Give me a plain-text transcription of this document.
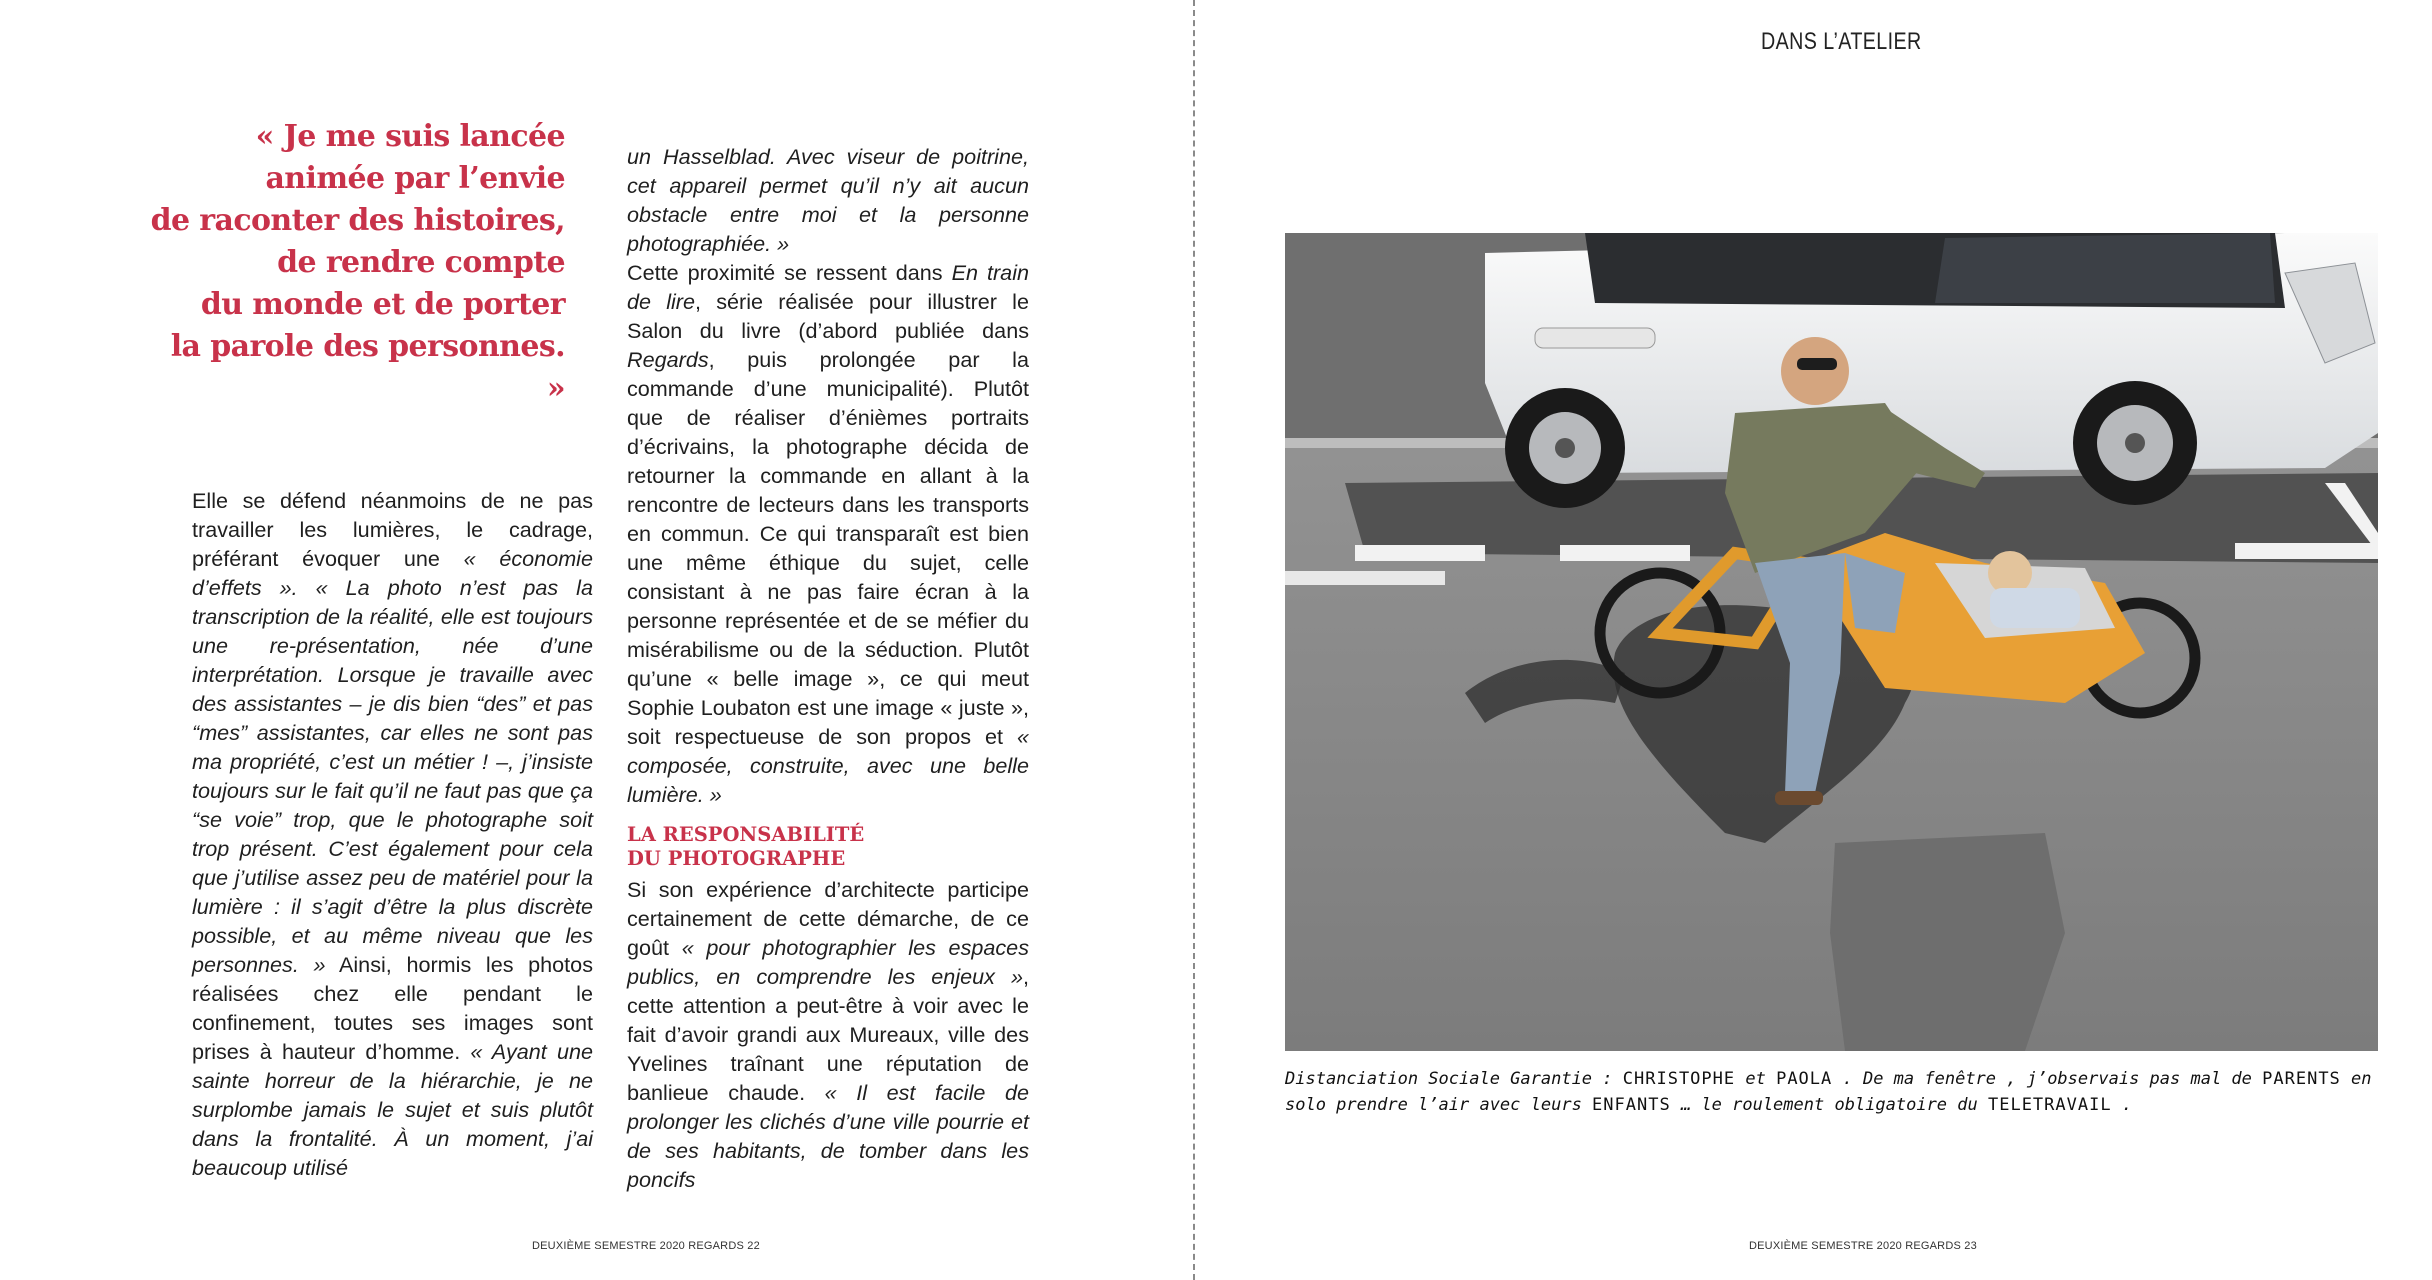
« Je me suis lancée
animée par l’envie
de raconter des histoires,
de rendre compte
du monde et de porter
la parole des personnes. »

Elle se défend néanmoins de ne pas travailler les lumières, le cadrage, préférant évoquer une « économie d’effets ». « La photo n’est pas la transcription de la réalité, elle est toujours une re-présentation, née d’une interprétation. Lorsque je travaille avec des assistantes – je dis bien “des” et pas “mes” assistantes, car elles ne sont pas ma propriété, c’est un métier ! –, j’insiste toujours sur le fait qu’il ne faut pas que ça “se voie” trop, que le photographe soit trop présent. C’est également pour cela que j’utilise assez peu de matériel pour la lumière : il s’agit d’être la plus discrète possible, et au même niveau que les personnes. » Ainsi, hormis les photos réalisées chez elle pendant le confinement, toutes ses images sont prises à hauteur d’homme. « Ayant une sainte horreur de la hiérarchie, je ne surplombe jamais le sujet et suis plutôt dans la frontalité. À un moment, j’ai beaucoup utilisé

un Hasselblad. Avec viseur de poitrine, cet appareil permet qu’il n’y ait aucun obstacle entre moi et la personne photographiée. »

Cette proximité se ressent dans En train de lire, série réalisée pour illustrer le Salon du livre (d’abord publiée dans Regards, puis prolongée par la commande d’une municipalité). Plutôt que de réaliser d’énièmes portraits d’écrivains, la photographe décida de retourner la commande en allant à la rencontre de lecteurs dans les transports en commun. Ce qui transparaît est bien une même éthique du sujet, celle consistant à ne pas faire écran à la personne représentée et de se méfier du misérabilisme ou de la séduction. Plutôt qu’une « belle image », ce qui meut Sophie Loubaton est une image « juste », soit respectueuse de son propos et « composée, construite, avec une belle lumière. »

LA RESPONSABILITÉ
DU PHOTOGRAPHE

Si son expérience d’architecte participe certainement de cette démarche, de ce goût « pour photographier les espaces publics, en comprendre les enjeux », cette attention a peut-être à voir avec le fait d’avoir grandi aux Mureaux, ville des Yvelines traînant une réputation de banlieue chaude. « Il est facile de prolonger les clichés d’une ville pourrie et de ses habitants, de tomber dans les poncifs

DEUXIÈME SEMESTRE 2020 REGARDS 22
DANS L’ATELIER

Distanciation Sociale Garantie : CHRISTOPHE et PAOLA . De ma fenêtre , j’observais pas mal de PARENTS en solo prendre l’air avec leurs ENFANTS … le roulement obligatoire du TELETRAVAIL .

DEUXIÈME SEMESTRE 2020 REGARDS 23
